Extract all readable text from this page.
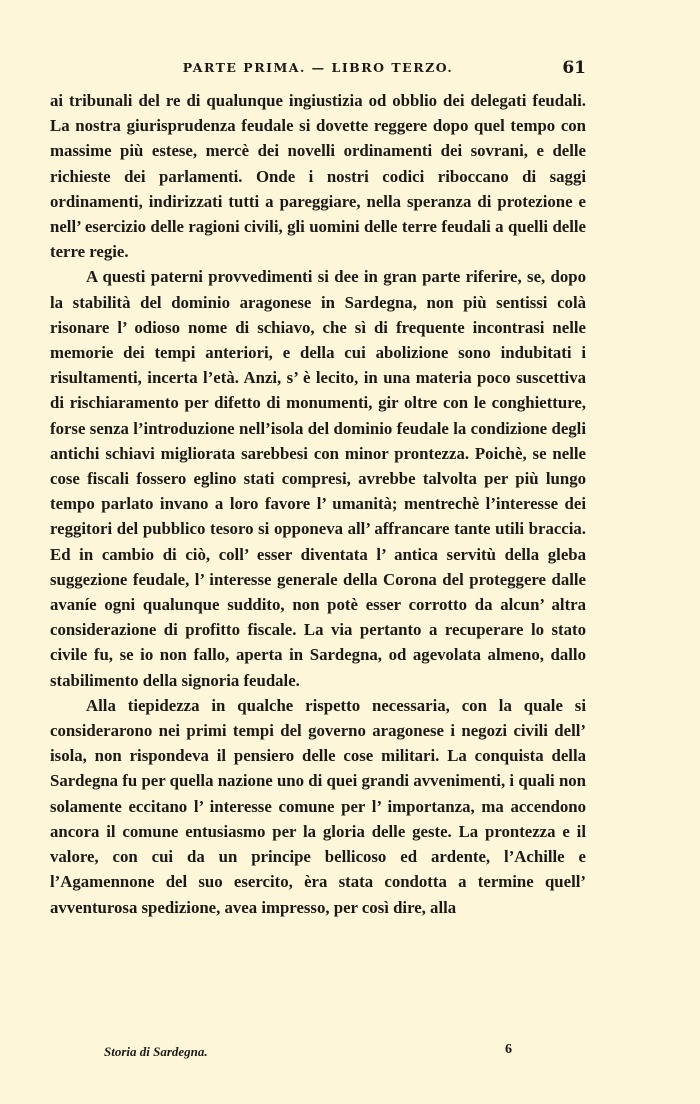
PARTE PRIMA. — LIBRO TERZO.	61

ai tribunali del re di qualunque ingiustizia od obblio dei delegati feudali. La nostra giurisprudenza feudale si dovette reggere dopo quel tempo con massime più estese, mercè dei novelli ordinamenti dei sovrani, e delle richieste dei parlamenti. Onde i nostri codici riboccano di saggi ordinamenti, indirizzati tutti a pareggiare, nella speranza di protezione e nell’ esercizio delle ragioni civili, gli uomini delle terre feudali a quelli delle terre regie.

A questi paterni provvedimenti si dee in gran parte riferire, se, dopo la stabilità del dominio aragonese in Sardegna, non più sentissi colà risonare l’ odioso nome di schiavo, che sì di frequente incontrasi nelle memorie dei tempi anteriori, e della cui abolizione sono indubitati i risultamenti, incerta l’età. Anzi, s’ è lecito, in una materia poco suscettiva di rischiaramento per difetto di monumenti, gir oltre con le conghietture, forse senza l’introduzione nell’isola del dominio feudale la condizione degli antichi schiavi migliorata sarebbesi con minor prontezza. Poichè, se nelle cose fiscali fossero eglino stati compresi, avrebbe talvolta per più lungo tempo parlato invano a loro favore l’ umanità; mentrechè l’interesse dei reggitori del pubblico tesoro si opponeva all’ affrancare tante utili braccia. Ed in cambio di ciò, coll’ esser diventata l’ antica servitù della gleba suggezione feudale, l’ interesse generale della Corona del proteggere dalle avaníe ogni qualunque suddito, non potè esser corrotto da alcun’ altra considerazione di profitto fiscale. La via pertanto a recuperare lo stato civile fu, se io non fallo, aperta in Sardegna, od agevolata almeno, dallo stabilimento della signoria feudale.

Alla tiepidezza in qualche rispetto necessaria, con la quale si considerarono nei primi tempi del governo aragonese i negozi civili dell’ isola, non rispondeva il pensiero delle cose militari. La conquista della Sardegna fu per quella nazione uno di quei grandi avvenimenti, i quali non solamente eccitano l’ interesse comune per l’ importanza, ma accendono ancora il comune entusiasmo per la gloria delle geste. La prontezza e il valore, con cui da un principe bellicoso ed ardente, l’Achille e l’Agamennone del suo esercito, èra stata condotta a termine quell’ avventurosa spedizione, avea impresso, per così dire, alla

Storia di Sardegna.	6
